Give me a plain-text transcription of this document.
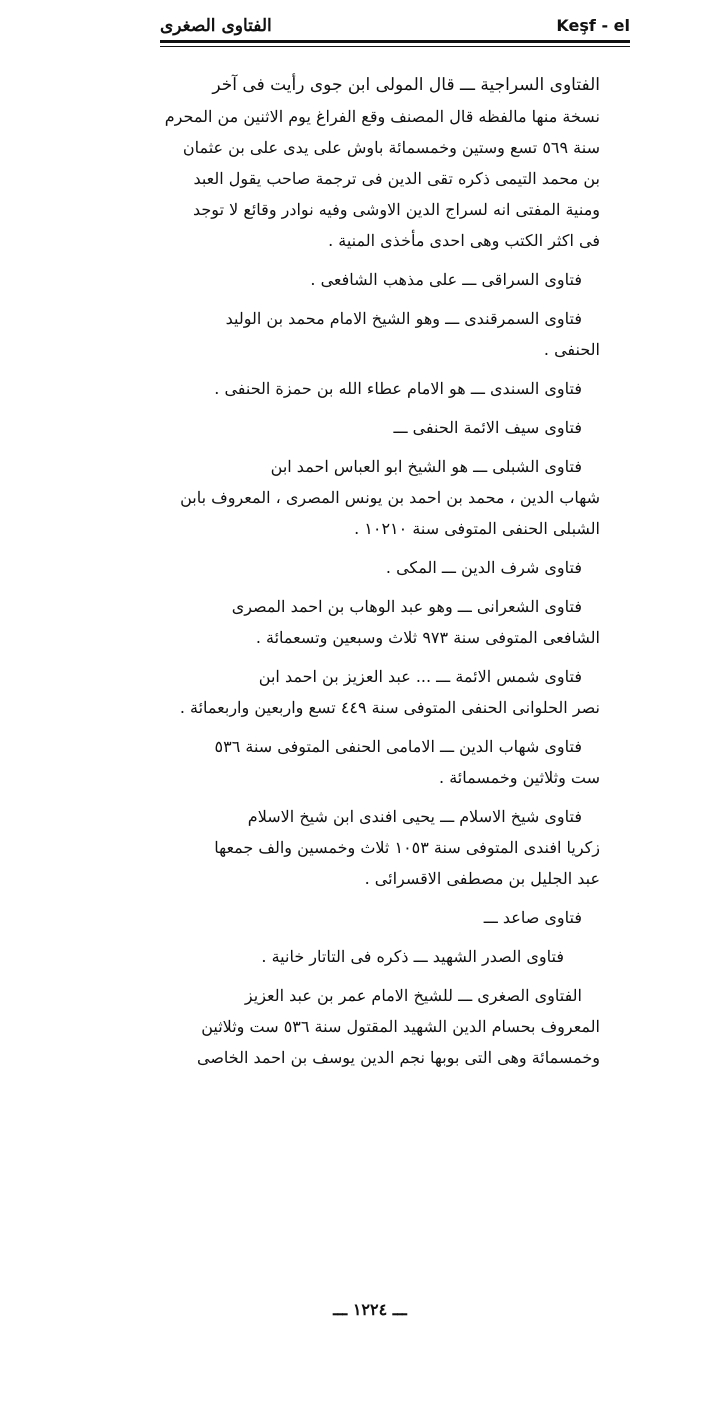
الفتاوى الصغرى	Keşf - el
الفتاوى السراجية ـــ قال المولى ابن جوى رأيت فى آخر
نسخة منها مالفظه قال المصنف وقع الفراغ يوم الاثنين من المحرم
سنة ٥٦٩ تسع وستين وخمسمائة باوش على يدى على بن عثمان
بن محمد التيمى ذكره تقى الدين فى ترجمة صاحب يقول العبد
ومنية المفتى انه لسراج الدين الاوشى وفيه نوادر وقائع لا توجد
فى اكثر الكتب وهى احدى مأخذى المنية .
فتاوى السراقى ـــ على مذهب الشافعى .
فتاوى السمرقندى ـــ وهو الشيخ الامام محمد بن الوليد
الحنفى .
فتاوى السندى ـــ هو الامام عطاء الله بن حمزة الحنفى .
فتاوى سيف الائمة الحنفى ـــ
فتاوى الشبلى ـــ هو الشيخ ابو العباس احمد ابن
شهاب الدين ، محمد بن احمد بن يونس المصرى ، المعروف بابن
الشبلى الحنفى المتوفى سنة ١٠٢١٠ .
فتاوى شرف الدين ـــ المكى .
فتاوى الشعرانى ـــ وهو عبد الوهاب بن احمد المصرى
الشافعى المتوفى سنة ٩٧٣ ثلاث وسبعين وتسعمائة .
فتاوى شمس الائمة ـــ ... عبد العزيز بن احمد ابن
نصر الحلوانى الحنفى المتوفى سنة ٤٤٩ تسع واربعين واربعمائة .
فتاوى شهاب الدين ـــ الامامى الحنفى المتوفى سنة ٥٣٦
ست وثلاثين وخمسمائة .
فتاوى شيخ الاسلام ـــ يحيى افندى ابن شيخ الاسلام
زكريا افندى المتوفى سنة ١٠٥٣ ثلاث وخمسين والف جمعها
عبد الجليل بن مصطفى الاقسرائى .
فتاوى صاعد ـــ
فتاوى الصدر الشهيد ـــ ذكره فى التاتار خانية .
الفتاوى الصغرى ـــ للشيخ الامام عمر بن عبد العزيز
المعروف بحسام الدين الشهيد المقتول سنة ٥٣٦ ست وثلاثين
وخمسمائة وهى التى بوبها نجم الدين يوسف بن احمد الخاصى
ـــ ١٢٢٤ ـــ
